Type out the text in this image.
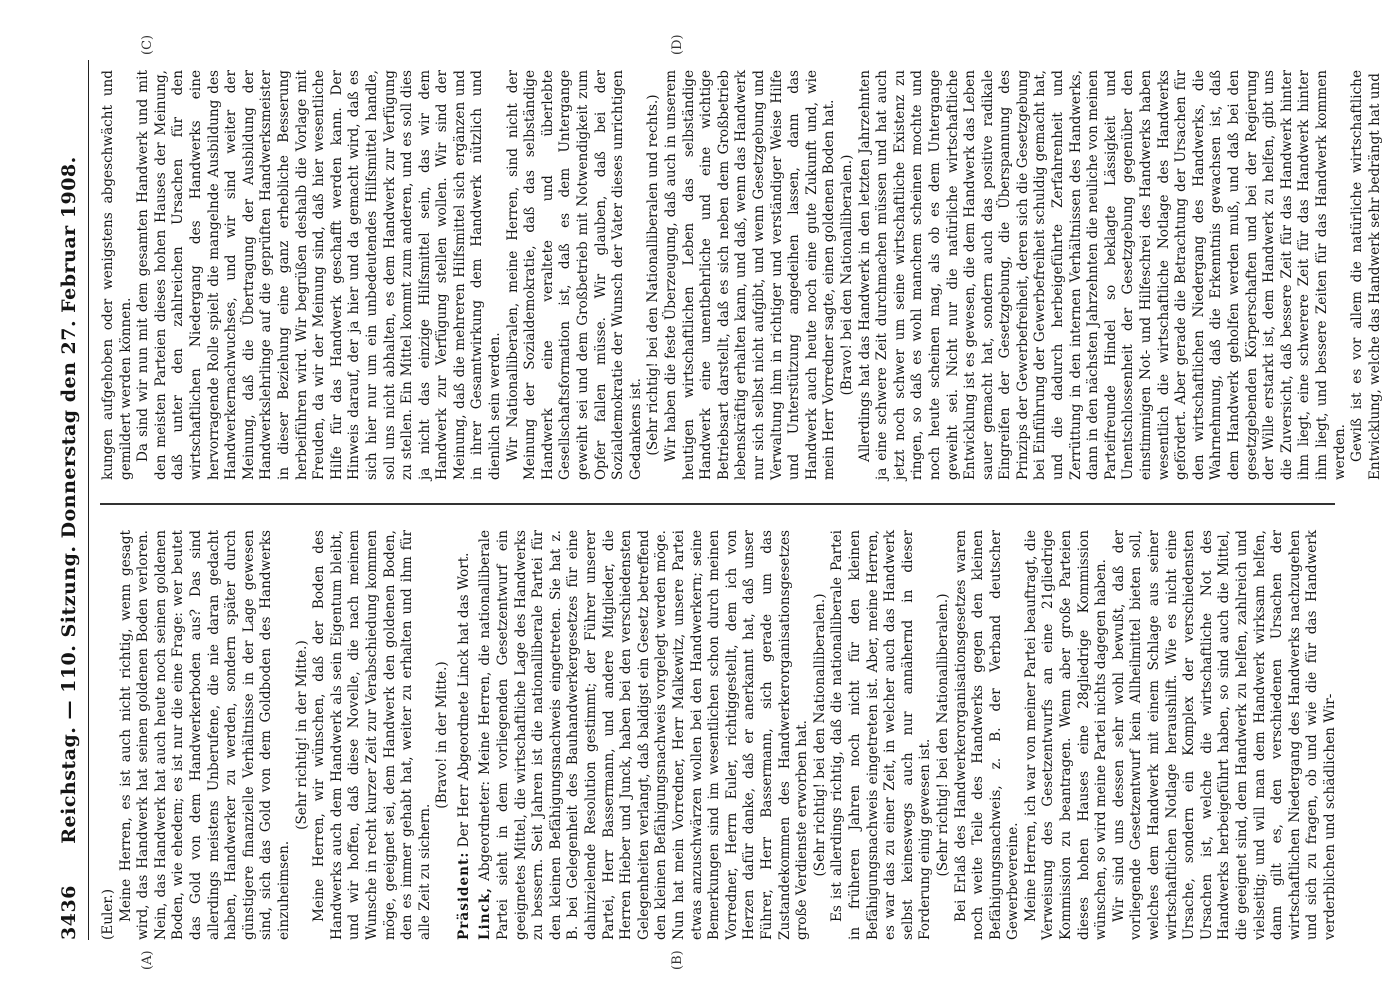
3436
Reichstag. — 110. Sitzung. Donnerstag den 27. Februar 1908.
(A)	(B)
(C)	(D)

(Euler.) Meine Herren, es ist auch nicht richtig, wenn gesagt wird, das Handwerk hat seinen goldenen Boden verloren. Nein, das Handwerk hat auch heute noch seinen goldenen Boden, wie ehedem; es ist nur die eine Frage: wer beutet das Gold von dem Handwerkerboden aus? Das sind allerdings meistens Unberufene, die nie daran gedacht haben, Handwerker zu werden, sondern später durch günstigere finanzielle Verhältnisse in der Lage gewesen sind, sich das Gold von dem Goldboden des Handwerks einzuheimsen.

(Sehr richtig! in der Mitte.) Meine Herren, wir wünschen, daß der Boden des Handwerks auch dem Handwerk als sein Eigentum bleibt, und wir hoffen, daß diese Novelle, die nach meinem Wunsche in recht kurzer Zeit zur Verabschiedung kommen möge, geeignet sei, dem Handwerk den goldenen Boden, den es immer gehabt hat, weiter zu erhalten und ihm für alle Zeit zu sichern.

(Bravo! in der Mitte.)

Präsident: Der Herr Abgeordnete Linck hat das Wort.

Linck, Abgeordneter: Meine Herren, die nationalliberale Partei sieht in dem vorliegenden Gesetzentwurf ein geeignetes Mittel, die wirtschaftliche Lage des Handwerks zu bessern. Seit Jahren ist die nationalliberale Partei für den kleinen Befähigungsnachweis eingetreten. Sie hat z. B. bei Gelegenheit des Bauhandwerkergesetzes für eine dahinzielende Resolution gestimmt; der Führer unserer Partei, Herr Bassermann, und andere Mitglieder, die Herren Hieber und Junck, haben bei den verschiedensten Gelegenheiten verlangt, daß baldigst ein Gesetz betreffend den kleinen Befähigungsnachweis vorgelegt werden möge. Nun hat mein Vorredner, Herr Malkewitz, unsere Partei etwas anzuschwärzen wollen bei den Handwerkern; seine Bemerkungen sind im wesentlichen schon durch meinen Vorredner, Herrn Euler, richtiggestellt, dem ich von Herzen dafür danke, daß er anerkannt hat, daß unser Führer, Herr Bassermann, sich gerade um das Zustandekommen des Handwerkerorganisationsgesetzes große Verdienste erworben hat. (Sehr richtig! bei den Nationalliberalen.) Es ist allerdings richtig, daß die nationalliberale Partei in früheren Jahren noch nicht für den kleinen Befähigungsnachweis eingetreten ist. Aber, meine Herren, es war das zu einer Zeit, in welcher auch das Handwerk selbst keineswegs auch nur annähernd in dieser Forderung einig gewesen ist. (Sehr richtig! bei den Nationalliberalen.) Bei Erlaß des Handwerkerorganisationsgesetzes waren noch weite Teile des Handwerks gegen den kleinen Befähigungsnachweis, z. B. der Verband deutscher Gewerbevereine. Meine Herren, ich war von meiner Partei beauftragt, die Verweisung des Gesetzentwurfs an eine 21gliedrige Kommission zu beantragen. Wenn aber große Parteien dieses hohen Hauses eine 28gliedrige Kommission wünschen, so wird meine Partei nichts dagegen haben. Wir sind uns dessen sehr wohl bewußt, daß der vorliegende Gesetzentwurf kein Allheilmittel bieten soll, welches dem Handwerk mit einem Schlage aus seiner wirtschaftlichen Notlage heraushilft. Wie es nicht eine Ursache, sondern ein Komplex der verschiedensten Ursachen ist, welche die wirtschaftliche Not des Handwerks herbeigeführt haben, so sind auch die Mittel, die geeignet sind, dem Handwerk zu helfen, zahlreich und vielseitig; und will man dem Handwerk wirksam helfen, dann gilt es, den verschiedenen Ursachen der wirtschaftlichen Niedergang des Handwerks nachzugehen und sich zu fragen, ob und wie die für das Handwerk verderblichen und schädlichen Wir-

kungen aufgehoben oder wenigstens abgeschwächt und gemildert werden können. Da sind wir nun mit dem gesamten Handwerk und mit den meisten Parteien dieses hohen Hauses der Meinung, daß unter den zahlreichen Ursachen für den wirtschaftlichen Niedergang des Handwerks eine hervorragende Rolle spielt die mangelnde Ausbildung des Handwerkernachwuchses, und wir sind weiter der Meinung, daß die Übertragung der Ausbildung der Handwerkslehrlinge auf die geprüften Handwerksmeister in dieser Beziehung eine ganz erhebliche Besserung herbeiführen wird. Wir begrüßen deshalb die Vorlage mit Freuden, da wir der Meinung sind, daß hier wesentliche Hilfe für das Handwerk geschafft werden kann. Der Hinweis darauf, der ja hier und da gemacht wird, daß es sich hier nur um ein unbedeutendes Hilfsmittel handle, soll uns nicht abhalten, es dem Handwerk zur Verfügung zu stellen. Ein Mittel kommt zum anderen, und es soll dies ja nicht das einzige Hilfsmittel sein, das wir dem Handwerk zur Verfügung stellen wollen. Wir sind der Meinung, daß die mehreren Hilfsmittel sich ergänzen und in ihrer Gesamtwirkung dem Handwerk nützlich und dienlich sein werden. Wir Nationalliberalen, meine Herren, sind nicht der Meinung der Sozialdemokratie, daß das selbständige Handwerk eine veraltete und überlebte Gesellschaftsformation ist, daß es dem Untergange geweiht sei und dem Großbetrieb mit Notwendigkeit zum Opfer fallen müsse. Wir glauben, daß bei der Sozialdemokratie der Wunsch der Vater dieses unrichtigen Gedankens ist. (Sehr richtig! bei den Nationalliberalen und rechts.) Wir haben die feste Überzeugung, daß auch in unserem heutigen wirtschaftlichen Leben das selbständige Handwerk eine unentbehrliche und eine wichtige Betriebsart darstellt, daß es sich neben dem Großbetrieb lebenskräftig erhalten kann, und daß, wenn das Handwerk nur sich selbst nicht aufgibt, und wenn Gesetzgebung und Verwaltung ihm in richtiger und verständiger Weise Hilfe und Unterstützung angedeihen lassen, dann das Handwerk auch heute noch eine gute Zukunft und, wie mein Herr Vorredner sagte, einen goldenen Boden hat. (Bravo! bei den Nationalliberalen.) Allerdings hat das Handwerk in den letzten Jahrzehnten ja eine schwere Zeit durchmachen müssen und hat auch jetzt noch schwer um seine wirtschaftliche Existenz zu ringen, so daß es wohl manchem scheinen mochte und noch heute scheinen mag, als ob es dem Untergange geweiht sei. Nicht nur die natürliche wirtschaftliche Entwicklung ist es gewesen, die dem Handwerk das Leben sauer gemacht hat, sondern auch das positive radikale Eingreifen der Gesetzgebung, die Überspannung des Prinzips der Gewerbefreiheit, deren sich die Gesetzgebung bei Einführung der Gewerbefreiheit schuldig gemacht hat, und die dadurch herbeigeführte Zerfahrenheit und Zerrüttung in den internen Verhältnissen des Handwerks, dann in den nächsten Jahrzehnten die neuliche von meinen Parteifreunde Hindel so beklagte Lässigkeit und Unentschlossenheit der Gesetzgebung gegenüber den einstimmigen Not- und Hilfeschrei des Handwerks haben wesentlich die wirtschaftliche Notlage des Handwerks gefördert. Aber gerade die Betrachtung der Ursachen für den wirtschaftlichen Niedergang des Handwerks, die Wahrnehmung, daß die Erkenntnis gewachsen ist, daß dem Handwerk geholfen werden muß, und daß bei den gesetzgebenden Körperschaften und bei der Regierung der Wille erstarkt ist, dem Handwerk zu helfen, gibt uns die Zuversicht, daß bessere Zeit für das Handwerk hinter ihm liegt, eine schwerere Zeit für das Handwerk hinter ihm liegt, und bessere Zeiten für das Handwerk kommen werden. Gewiß ist es vor allem die natürliche wirtschaftliche Entwicklung, welche das Handwerk sehr bedrängt hat und
